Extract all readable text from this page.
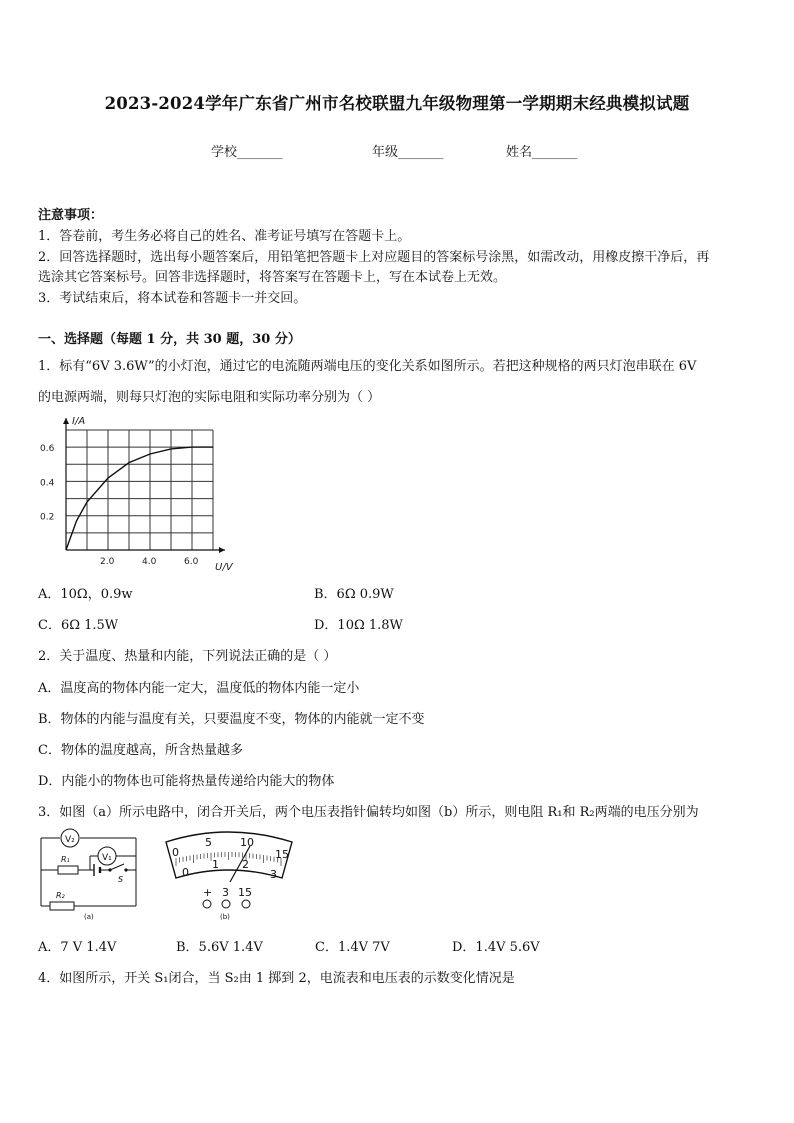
2023-2024学年广东省广州市名校联盟九年级物理第一学期期末经典模拟试题
学校_______	年级_______	姓名_______
注意事项：
1．答卷前，考生务必将自己的姓名、准考证号填写在答题卡上。
2．回答选择题时，选出每小题答案后，用铅笔把答题卡上对应题目的答案标号涂黑，如需改动，用橡皮擦干净后，再
选涂其它答案标号。回答非选择题时，将答案写在答题卡上，写在本试卷上无效。
3．考试结束后，将本试卷和答题卡一并交回。
一、选择题（每题 1 分，共 30 题，30 分）
1．标有“6V 3.6W”的小灯泡，通过它的电流随两端电压的变化关系如图所示。若把这种规格的两只灯泡串联在 6V
的电源两端，则每只灯泡的实际电阻和实际功率分别为（ ）
0.2
0.4
0.6
2.0	4.0	6.0
I/A
U/V
A．10Ω，0.9w	B．6Ω 0.9W
C．6Ω 1.5W	D．10Ω 1.8W
2．关于温度、热量和内能，下列说法正确的是（ ）
A．温度高的物体内能一定大，温度低的物体内能一定小
B．物体的内能与温度有关，只要温度不变，物体的内能就一定不变
C．物体的温度越高，所含热量越多
D．内能小的物体也可能将热量传递给内能大的物体
3．如图（a）所示电路中，闭合开关后，两个电压表指针偏转均如图（b）所示，则电阻 R₁和 R₂两端的电压分别为
V₂
V₁
R₁
S
R₂
(a)
0
5	10
15
0
1 2
3
+ 3 15
(b)
A．7 V 1.4V	B．5.6V 1.4V	C．1.4V 7V	D．1.4V 5.6V
4．如图所示，开关 S₁闭合，当 S₂由 1 掷到 2，电流表和电压表的示数变化情况是
